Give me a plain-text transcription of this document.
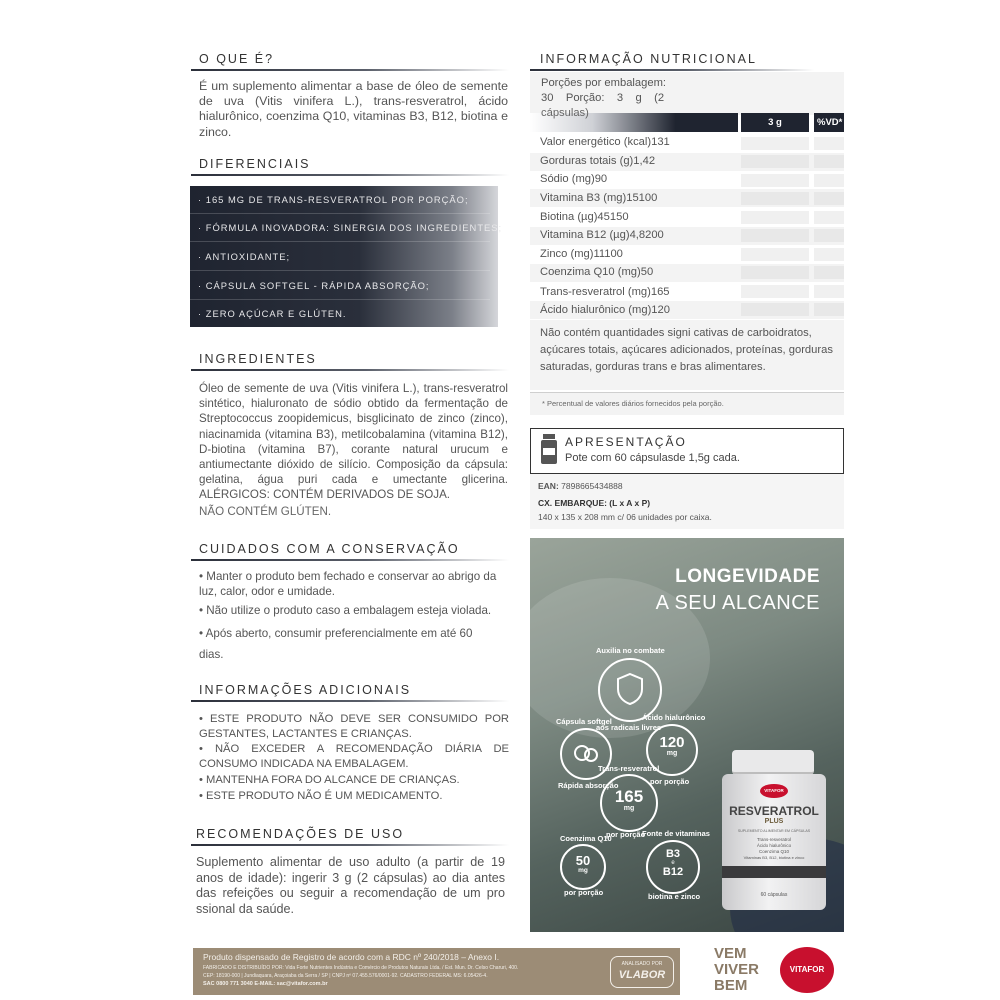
O QUE É?
É um suplemento alimentar a base de óleo de semente de uva (Vitis vinifera L.), trans-resveratrol, ácido hialurônico, coenzima Q10, vitaminas B3, B12, biotina e zinco.
DIFERENCIAIS
· 165 MG DE TRANS-RESVERATROL POR PORÇÃO;
· FÓRMULA INOVADORA: SINERGIA DOS INGREDIENTES;
· ANTIOXIDANTE;
· CÁPSULA SOFTGEL - RÁPIDA ABSORÇÃO;
· ZERO AÇÚCAR E GLÚTEN.
INGREDIENTES
Óleo de semente de uva (Vitis vinifera L.), trans-resveratrol sintético, hialuronato de sódio obtido da fermentação de Streptococcus zoopidemicus, bisglicinato de zinco (zinco), niacinamida (vitamina B3), metilcobalamina (vitamina B12), D-biotina (vitamina B7), corante natural urucum e antiumectante dióxido de silício. Composição da cápsula: gelatina, água puri cada e umectante glicerina. ALÉRGICOS: CONTÉM DERIVADOS DE SOJA.
NÃO CONTÉM GLÚTEN.
CUIDADOS COM A CONSERVAÇÃO
• Manter o produto bem fechado e conservar ao abrigo da luz, calor, odor e umidade.
• Não utilize o produto caso a embalagem esteja violada.
• Após aberto, consumir preferencialmente em até 60 dias.
INFORMAÇÕES ADICIONAIS
• ESTE PRODUTO NÃO DEVE SER CONSUMIDO POR GESTANTES, LACTANTES E CRIANÇAS.
• NÃO EXCEDER A RECOMENDAÇÃO DIÁRIA DE CONSUMO INDICADA NA EMBALAGEM.
• MANTENHA FORA DO ALCANCE DE CRIANÇAS.
• ESTE PRODUTO NÃO É UM MEDICAMENTO.
RECOMENDAÇÕES DE USO
Suplemento alimentar de uso adulto (a partir de 19 anos de idade): ingerir 3 g (2 cápsulas) ao dia antes das refeições ou seguir a recomendação de um pro ssional da saúde.
INFORMAÇÃO NUTRICIONAL
Porções por embalagem:
30    Porção:    3    g    (2
cápsulas)
3 g	%VD*
Valor energético (kcal)131
Gorduras totais (g)1,42
Sódio (mg)90
Vitamina B3 (mg)15100
Biotina (µg)45150
Vitamina B12 (µg)4,8200
Zinco (mg)11100
Coenzima Q10 (mg)50
Trans-resveratrol (mg)165
Ácido hialurônico (mg)120
Não contém quantidades signi cativas de carboidratos, açúcares totais, açúcares adicionados, proteínas, gorduras saturadas, gorduras trans e bras alimentares.
* Percentual de valores diários fornecidos pela porção.
APRESENTAÇÃO
Pote com 60 cápsulasde 1,5g cada.
EAN: 7898665434888
CX. EMBARQUE: (L x A x P)
140 x 135 x 208 mm c/ 06 unidades por caixa.
LONGEVIDADE
A SEU ALCANCE
Auxilia no combate
aos radicais livres
Cápsula softgel
Rápida absorção
120
mg
Ácido hialurônico
por porção
165
mg
Trans-resveratrol
por porção
50
mg
Coenzima Q10
por porção
B3
e
B12
Fonte de vitaminas
biotina e zinco
VITAFOR
RESVERATROL
PLUS
SUPLEMENTO ALIMENTAR EM CÁPSULAS
Trans-resveratrol
Ácido hialurônico
Coenzima Q10
Vitaminas B3, B12, biotina e zinco
60 cápsulas
Produto dispensado de Registro de acordo com a RDC nº 240/2018 – Anexo I.
FABRICADO E DISTRIBUÍDO POR: Vida Forte Nutrientes Indústria e Comércio de Produtos Naturais Ltda. / Est. Mun. Dr. Celso Charuri, 400.
CEP: 18190-000 | Jundiaquara, Araçoiaba da Serra / SP | CNPJ nº 07.455.576/0001-92. CADASTRO FEDERAL MS: 6.05426-4.
SAC 0800 771 3040 E-MAIL: sac@vitafor.com.br
ANALISADO POR
VLABOR
VEM
VIVER
BEM
VITAFOR
